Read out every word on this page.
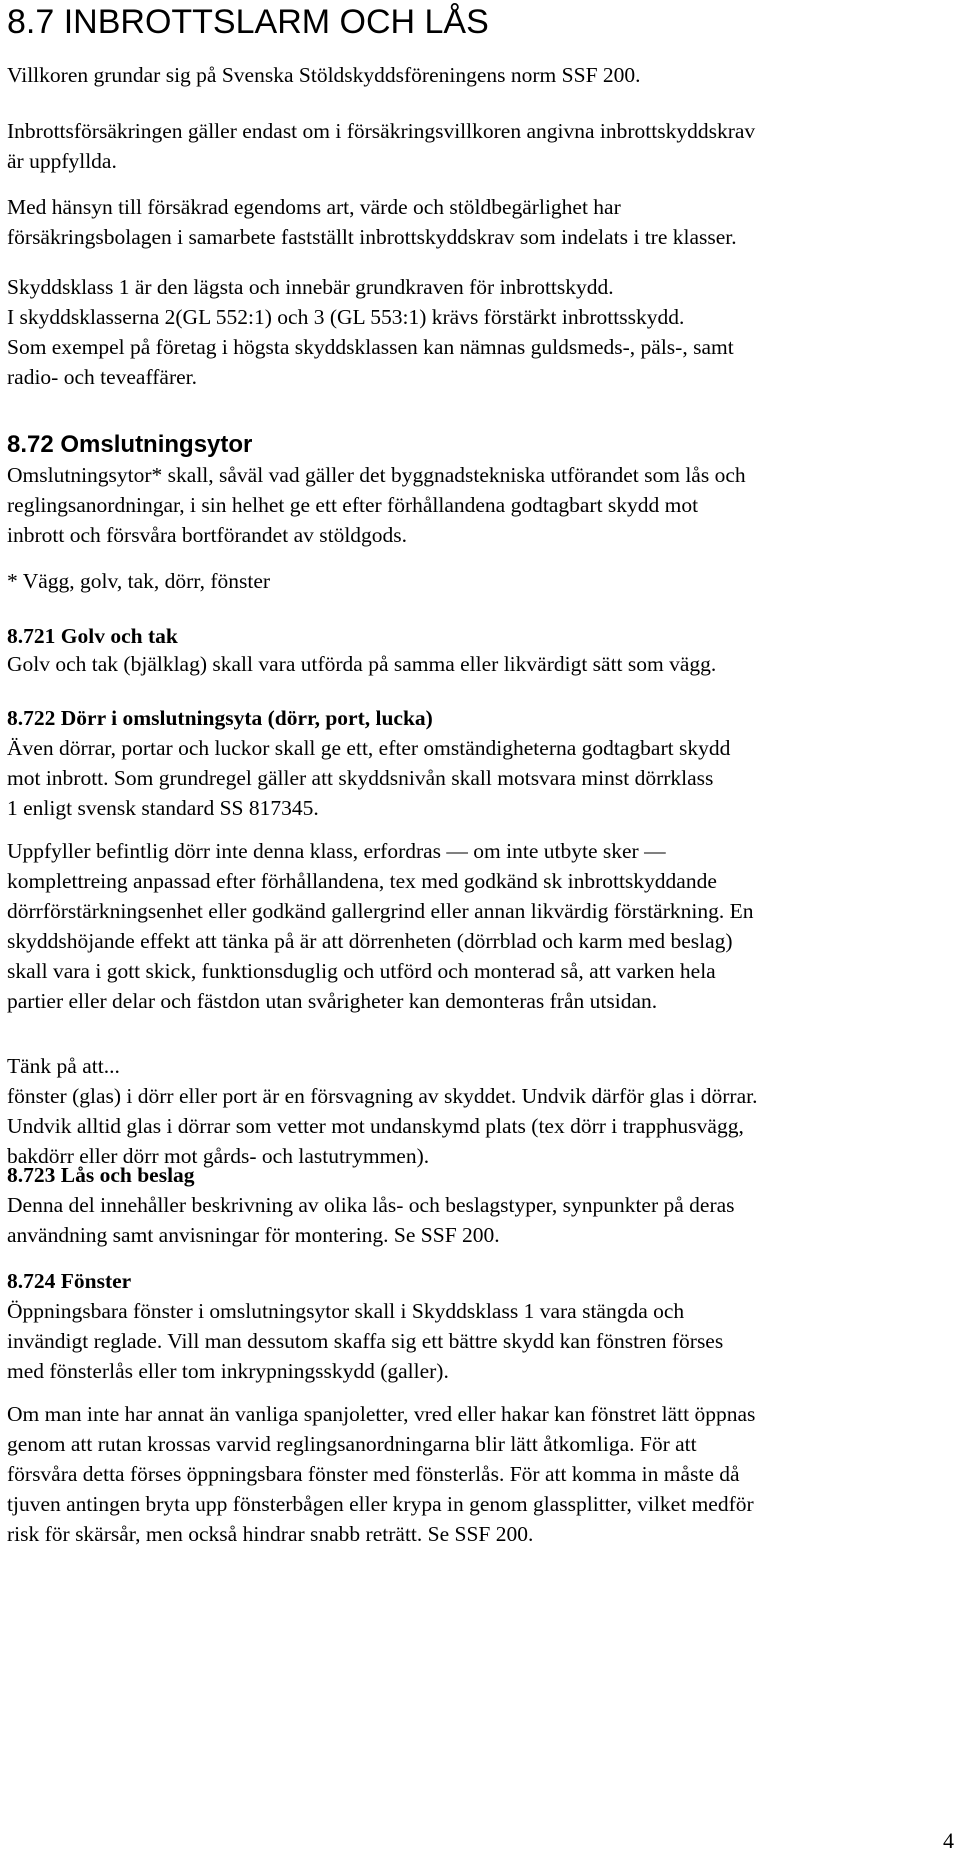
8.7 INBROTTSLARM OCH LÅS
Villkoren grundar sig på Svenska Stöldskyddsföreningens norm SSF 200.
Inbrottsförsäkringen gäller endast om i försäkringsvillkoren angivna inbrottskyddskrav
är uppfyllda.
Med hänsyn till försäkrad egendoms art, värde och stöldbegärlighet har
försäkringsbolagen i samarbete fastställt inbrottskyddskrav som indelats i tre klasser.
Skyddsklass 1 är den lägsta och innebär grundkraven för inbrottskydd.
I skyddsklasserna 2(GL 552:1) och 3 (GL 553:1) krävs förstärkt inbrottsskydd.
Som exempel på företag i högsta skyddsklassen kan nämnas guldsmeds-, päls-, samt
radio- och teveaffärer.
8.72 Omslutningsytor
Omslutningsytor* skall, såväl vad gäller det byggnadstekniska utförandet som lås och
reglingsanordningar, i sin helhet ge ett efter förhållandena godtagbart skydd mot
inbrott och försvåra bortförandet av stöldgods.
* Vägg, golv, tak, dörr, fönster
8.721 Golv och tak
Golv och tak (bjälklag) skall vara utförda på samma eller likvärdigt sätt som vägg.
8.722 Dörr i omslutningsyta (dörr, port, lucka)
Även dörrar, portar och luckor skall ge ett, efter omständigheterna godtagbart skydd
mot inbrott. Som grundregel gäller att skyddsnivån skall motsvara minst dörrklass
1 enligt svensk standard SS 817345.
Uppfyller befintlig dörr inte denna klass, erfordras — om inte utbyte sker —
komplettreing anpassad efter förhållandena, tex med godkänd sk inbrottskyddande
dörrförstärkningsenhet eller godkänd gallergrind eller annan likvärdig förstärkning. En
skyddshöjande effekt att tänka på är att dörrenheten (dörrblad och karm med beslag)
skall vara i gott skick, funktionsduglig och utförd och monterad så, att varken hela
partier eller delar och fästdon utan svårigheter kan demonteras från utsidan.
Tänk på att...
fönster (glas) i dörr eller port är en försvagning av skyddet. Undvik därför glas i dörrar.
Undvik alltid glas i dörrar som vetter mot undanskymd plats (tex dörr i trapphusvägg,
bakdörr eller dörr mot gårds- och lastutrymmen).
8.723 Lås och beslag
Denna del innehåller beskrivning av olika lås- och beslagstyper, synpunkter på deras
användning samt anvisningar för montering. Se SSF 200.
8.724 Fönster
Öppningsbara fönster i omslutningsytor skall i Skyddsklass 1 vara stängda och
invändigt reglade. Vill man dessutom skaffa sig ett bättre skydd kan fönstren förses
med fönsterlås eller tom inkrypningsskydd (galler).
Om man inte har annat än vanliga spanjoletter, vred eller hakar kan fönstret lätt öppnas
genom att rutan krossas varvid reglingsanordningarna blir lätt åtkomliga. För att
försvåra detta förses öppningsbara fönster med fönsterlås. För att komma in måste då
tjuven antingen bryta upp fönsterbågen eller krypa in genom glassplitter, vilket medför
risk för skärsår, men också hindrar snabb reträtt. Se SSF 200.
4
